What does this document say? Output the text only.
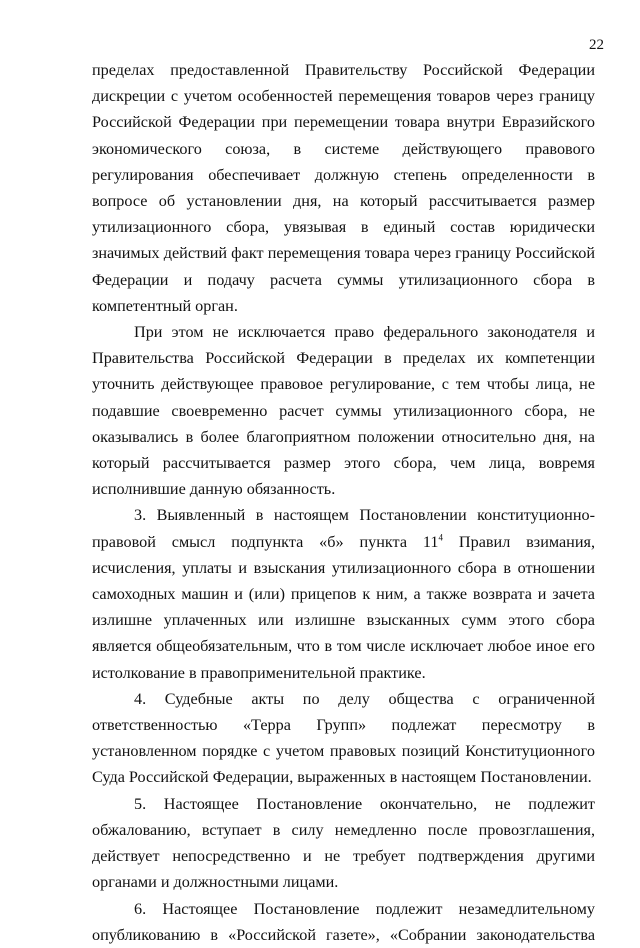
22

пределах предоставленной Правительству Российской Федерации дискреции с учетом особенностей перемещения товаров через границу Российской Федерации при перемещении товара внутри Евразийского экономического союза, в системе действующего правового регулирования обеспечивает должную степень определенности в вопросе об установлении дня, на который рассчитывается размер утилизационного сбора, увязывая в единый состав юридически значимых действий факт перемещения товара через границу Российской Федерации и подачу расчета суммы утилизационного сбора в компетентный орган.

При этом не исключается право федерального законодателя и Правительства Российской Федерации в пределах их компетенции уточнить действующее правовое регулирование, с тем чтобы лица, не подавшие своевременно расчет суммы утилизационного сбора, не оказывались в более благоприятном положении относительно дня, на который рассчитывается размер этого сбора, чем лица, вовремя исполнившие данную обязанность.

3. Выявленный в настоящем Постановлении конституционно-правовой смысл подпункта «б» пункта $11^4$ Правил взимания, исчисления, уплаты и взыскания утилизационного сбора в отношении самоходных машин и (или) прицепов к ним, а также возврата и зачета излишне уплаченных или излишне взысканных сумм этого сбора является общеобязательным, что в том числе исключает любое иное его истолкование в правоприменительной практике.

4. Судебные акты по делу общества с ограниченной ответственностью «Терра Групп» подлежат пересмотру в установленном порядке с учетом правовых позиций Конституционного Суда Российской Федерации, выраженных в настоящем Постановлении.

5. Настоящее Постановление окончательно, не подлежит обжалованию, вступает в силу немедленно после провозглашения, действует непосредственно и не требует подтверждения другими органами и должностными лицами.

6. Настоящее Постановление подлежит незамедлительному опубликованию в «Российской газете», «Собрании законодательства
